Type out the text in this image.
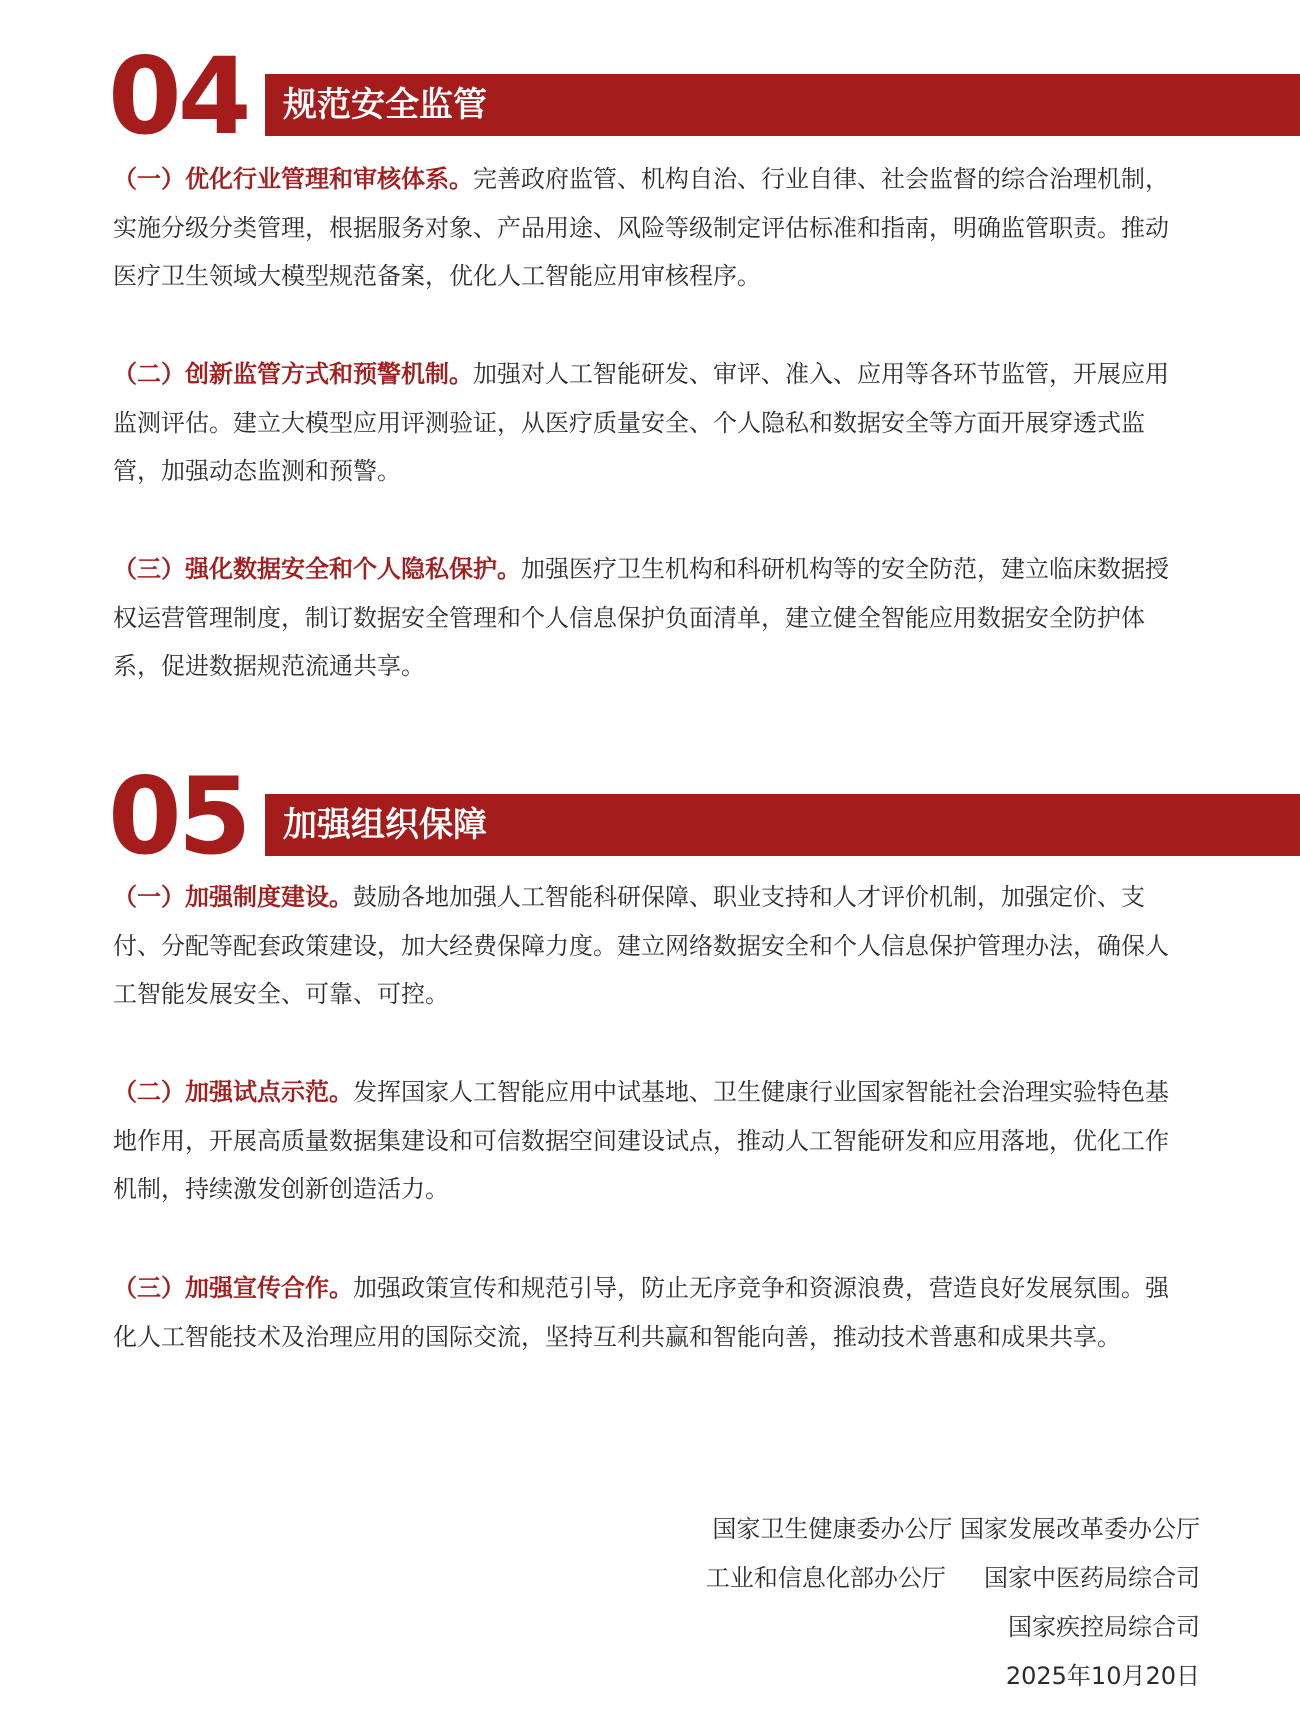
04 规范安全监管

（一）优化行业管理和审核体系。完善政府监管、机构自治、行业自律、社会监督的综合治理机制，实施分级分类管理，根据服务对象、产品用途、风险等级制定评估标准和指南，明确监管职责。推动医疗卫生领域大模型规范备案，优化人工智能应用审核程序。

（二）创新监管方式和预警机制。加强对人工智能研发、审评、准入、应用等各环节监管，开展应用监测评估。建立大模型应用评测验证，从医疗质量安全、个人隐私和数据安全等方面开展穿透式监管，加强动态监测和预警。

（三）强化数据安全和个人隐私保护。加强医疗卫生机构和科研机构等的安全防范，建立临床数据授权运营管理制度，制订数据安全管理和个人信息保护负面清单，建立健全智能应用数据安全防护体系，促进数据规范流通共享。

05 加强组织保障

（一）加强制度建设。鼓励各地加强人工智能科研保障、职业支持和人才评价机制，加强定价、支付、分配等配套政策建设，加大经费保障力度。建立网络数据安全和个人信息保护管理办法，确保人工智能发展安全、可靠、可控。

（二）加强试点示范。发挥国家人工智能应用中试基地、卫生健康行业国家智能社会治理实验特色基地作用，开展高质量数据集建设和可信数据空间建设试点，推动人工智能研发和应用落地，优化工作机制，持续激发创新创造活力。

（三）加强宣传合作。加强政策宣传和规范引导，防止无序竞争和资源浪费，营造良好发展氛围。强化人工智能技术及治理应用的国际交流，坚持互利共赢和智能向善，推动技术普惠和成果共享。

国家卫生健康委办公厅 国家发展改革委办公厅
工业和信息化部办公厅     国家中医药局综合司
国家疾控局综合司
2025年10月20日
